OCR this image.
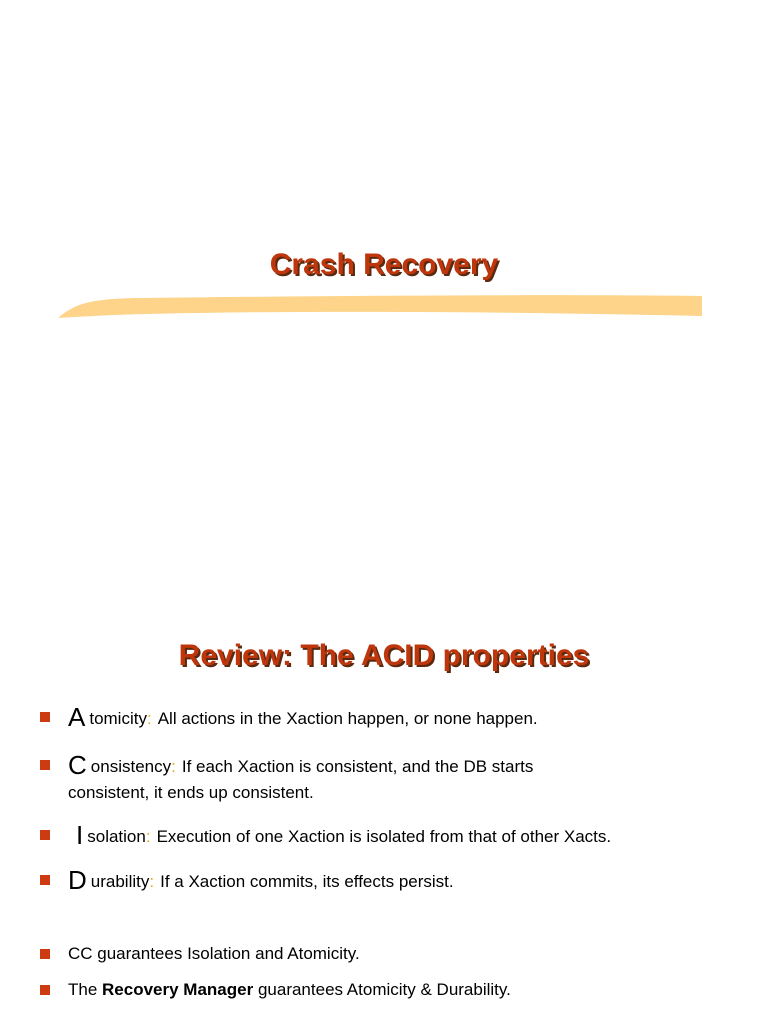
Crash Recovery
Review: The ACID properties
Atomicity: All actions in the Xaction happen, or none happen.
Consistency: If each Xaction is consistent, and the DB starts
consistent, it ends up consistent.
Isolation: Execution of one Xaction is isolated from that of other Xacts.
Durability: If a Xaction commits, its effects persist.
CC guarantees Isolation and Atomicity.
The Recovery Manager guarantees Atomicity & Durability.
